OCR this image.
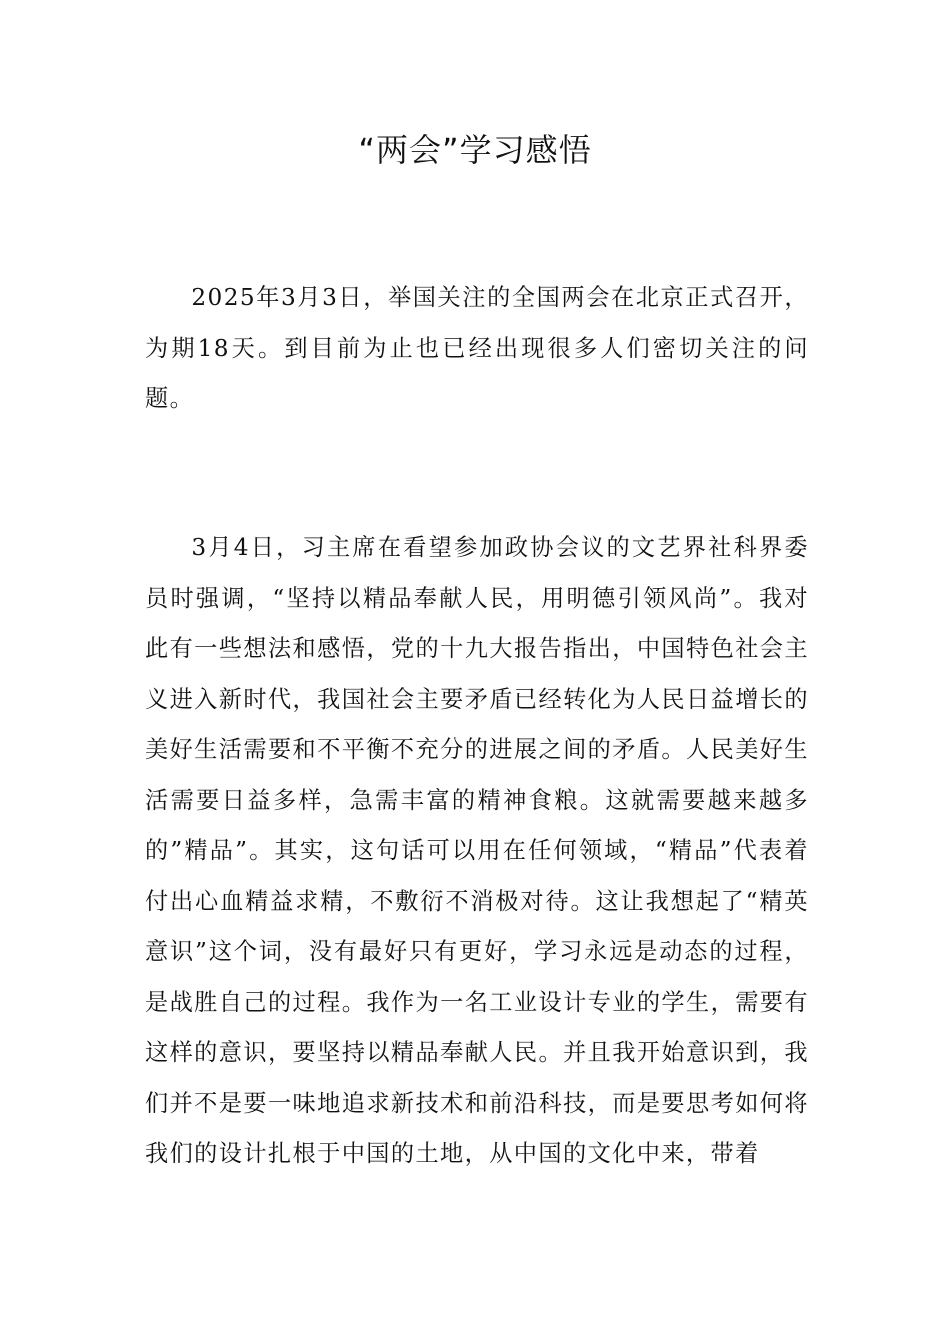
“两会”学习感悟

2025年3月3日，举国关注的全国两会在北京正式召开，为期18天。到目前为止也已经出现很多人们密切关注的问题。

3月4日，习主席在看望参加政协会议的文艺界社科界委员时强调，“坚持以精品奉献人民，用明德引领风尚”。我对此有一些想法和感悟，党的十九大报告指出，中国特色社会主义进入新时代，我国社会主要矛盾已经转化为人民日益增长的美好生活需要和不平衡不充分的进展之间的矛盾。人民美好生活需要日益多样，急需丰富的精神食粮。这就需要越来越多的”精品”。其实，这句话可以用在任何领域，“精品”代表着付出心血精益求精，不敷衍不消极对待。这让我想起了“精英意识”这个词，没有最好只有更好，学习永远是动态的过程，是战胜自己的过程。我作为一名工业设计专业的学生，需要有这样的意识，要坚持以精品奉献人民。并且我开始意识到，我们并不是要一味地追求新技术和前沿科技，而是要思考如何将我们的设计扎根于中国的土地，从中国的文化中来，带着
